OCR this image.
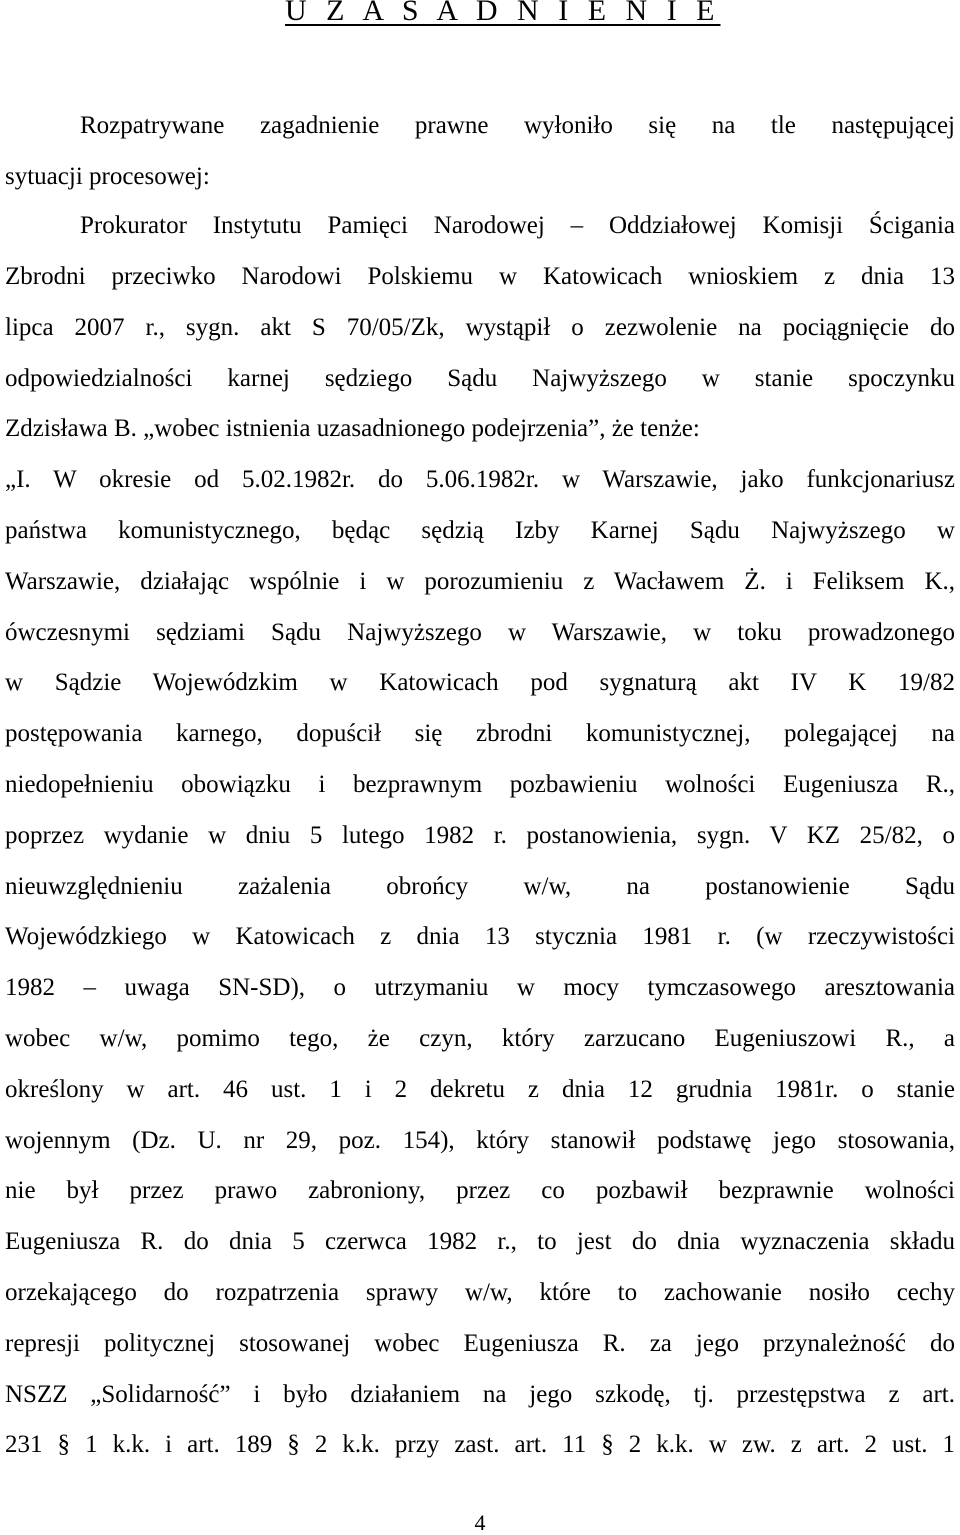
U Z A S A D N I E N I E
Rozpatrywane zagadnienie prawne wyłoniło się na tle następującej
sytuacji procesowej:
Prokurator Instytutu Pamięci Narodowej – Oddziałowej Komisji Ścigania
Zbrodni przeciwko Narodowi Polskiemu w Katowicach wnioskiem z dnia 13
lipca 2007 r., sygn. akt S 70/05/Zk, wystąpił o zezwolenie na pociągnięcie do
odpowiedzialności karnej sędziego Sądu Najwyższego w stanie spoczynku
Zdzisława B. „wobec istnienia uzasadnionego podejrzenia”, że tenże:
„I. W okresie od 5.02.1982r. do 5.06.1982r. w Warszawie, jako funkcjonariusz
państwa komunistycznego, będąc sędzią Izby Karnej Sądu Najwyższego w
Warszawie, działając wspólnie i w porozumieniu z Wacławem Ż. i Feliksem K.,
ówczesnymi sędziami Sądu Najwyższego w Warszawie, w toku prowadzonego
w Sądzie Wojewódzkim w Katowicach pod sygnaturą akt IV K 19/82
postępowania karnego, dopuścił się zbrodni komunistycznej, polegającej na
niedopełnieniu obowiązku i bezprawnym pozbawieniu wolności Eugeniusza R.,
poprzez wydanie w dniu 5 lutego 1982 r. postanowienia, sygn. V KZ 25/82, o
nieuwzględnieniu zażalenia obrońcy w/w, na postanowienie Sądu
Wojewódzkiego w Katowicach z dnia 13 stycznia 1981 r. (w rzeczywistości
1982 – uwaga SN-SD), o utrzymaniu w mocy tymczasowego aresztowania
wobec w/w, pomimo tego, że czyn, który zarzucano Eugeniuszowi R., a
określony w art. 46 ust. 1 i 2 dekretu z dnia 12 grudnia 1981r. o stanie
wojennym (Dz. U. nr 29, poz. 154), który stanowił podstawę jego stosowania,
nie był przez prawo zabroniony, przez co pozbawił bezprawnie wolności
Eugeniusza R. do dnia 5 czerwca 1982 r., to jest do dnia wyznaczenia składu
orzekającego do rozpatrzenia sprawy w/w, które to zachowanie nosiło cechy
represji politycznej stosowanej wobec Eugeniusza R. za jego przynależność do
NSZZ „Solidarność” i było działaniem na jego szkodę, tj. przestępstwa z art.
231 § 1 k.k. i art. 189 § 2 k.k. przy zast. art. 11 § 2 k.k. w zw. z art. 2 ust. 1
4
